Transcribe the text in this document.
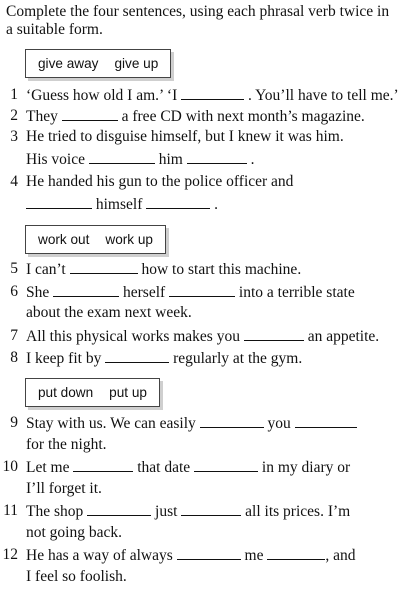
Complete the four sentences, using each phrasal verb twice in a suitable form.
give away give up
1 ‘Guess how old I am.’ ‘I	. You’ll have to tell me.’
2 They	a free CD with next month’s magazine.
3 He tried to disguise himself, but I knew it was him.
His voice	him	.
4 He handed his gun to the police officer and
himself	.
work out work up
5 I can’t	how to start this machine.
6 She	herself	into a terrible state
about the exam next week.
7 All this physical works makes you	an appetite.
8 I keep fit by	regularly at the gym.
put down put up
9 Stay with us. We can easily	you
for the night.
10 Let me	that date	in my diary or
I’ll forget it.
11 The shop	just	all its prices. I’m
not going back.
12 He has a way of always	me	, and
I feel so foolish.
